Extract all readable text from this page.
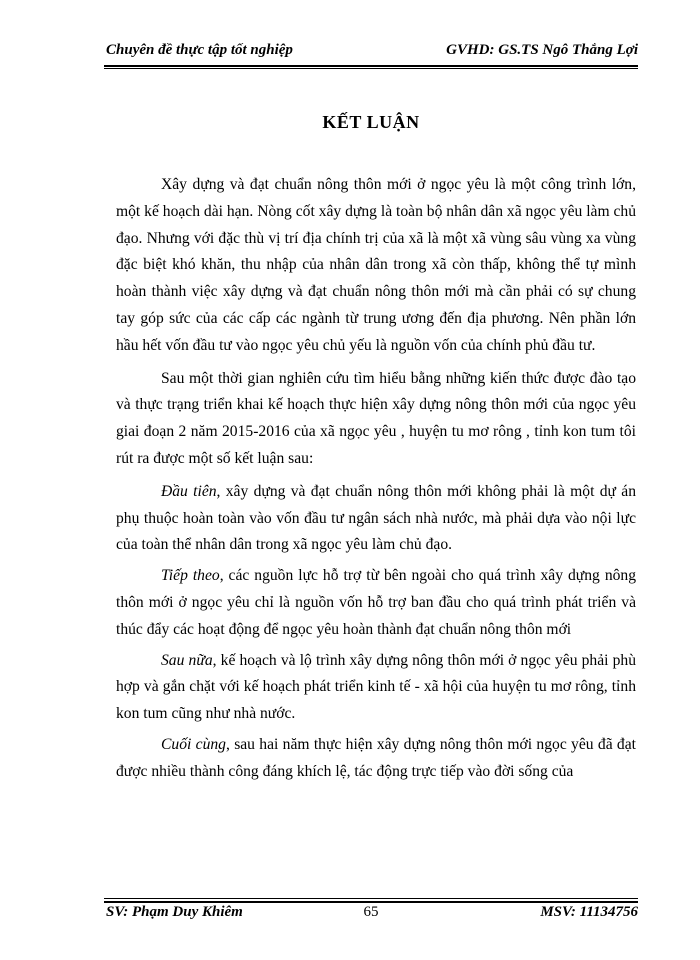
Chuyên đề thực tập tốt nghiệp	GVHD: GS.TS Ngô Thắng Lợi
KẾT LUẬN

Xây dựng và đạt chuẩn nông thôn mới ở ngọc yêu là một công trình lớn, một kế hoạch dài hạn. Nòng cốt xây dựng là toàn bộ nhân dân xã ngọc yêu làm chủ đạo. Nhưng với đặc thù vị trí địa chính trị của xã là một xã vùng sâu vùng xa vùng đặc biệt khó khăn, thu nhập của nhân dân trong xã còn thấp, không thể tự mình hoàn thành việc xây dựng và đạt chuẩn nông thôn mới mà cần phải có sự chung tay góp sức của các cấp các ngành từ trung ương đến địa phương. Nên phần lớn hầu hết vốn đầu tư vào ngọc yêu chủ yếu là nguồn vốn của chính phủ đầu tư.

Sau một thời gian nghiên cứu tìm hiểu bằng những kiến thức được đào tạo và thực trạng triển khai kế hoạch thực hiện xây dựng nông thôn mới của ngọc yêu giai đoạn 2 năm 2015-2016 của xã ngọc yêu , huyện tu mơ rông , tỉnh kon tum tôi rút ra được một số kết luận sau:

Đầu tiên, xây dựng và đạt chuẩn nông thôn mới không phải là một dự án phụ thuộc hoàn toàn vào vốn đầu tư ngân sách nhà nước, mà phải dựa vào nội lực của toàn thể nhân dân trong xã ngọc yêu làm chủ đạo.

Tiếp theo, các nguồn lực hỗ trợ từ bên ngoài cho quá trình xây dựng nông thôn mới ở ngọc yêu chỉ là nguồn vốn hỗ trợ ban đầu cho quá trình phát triển và thúc đẩy các hoạt động để ngọc yêu hoàn thành đạt chuẩn nông thôn mới

Sau nữa, kế hoạch và lộ trình xây dựng nông thôn mới ở ngọc yêu phải phù hợp và gắn chặt với kế hoạch phát triển kinh tế - xã hội của huyện tu mơ rông, tỉnh kon tum cũng như nhà nước.

Cuối cùng, sau hai năm thực hiện xây dựng nông thôn mới ngọc yêu đã đạt được nhiều thành công đáng khích lệ, tác động trực tiếp vào đời sống của

SV: Phạm Duy Khiêm	65	MSV: 11134756
